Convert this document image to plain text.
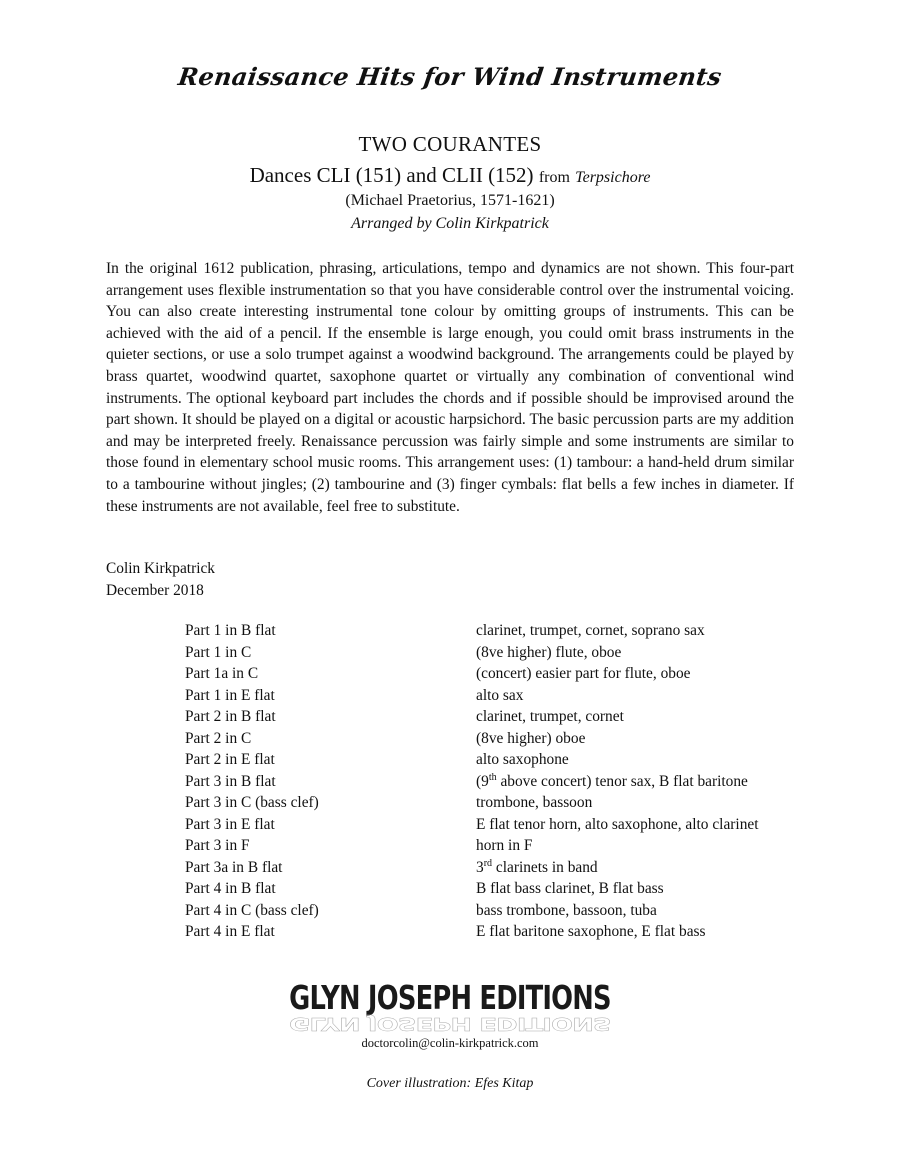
Renaissance Hits for Wind Instruments
TWO COURANTES
Dances CLI (151) and CLII (152) from Terpsichore
(Michael Praetorius, 1571-1621)
Arranged by Colin Kirkpatrick

In the original 1612 publication, phrasing, articulations, tempo and dynamics are not shown. This four-part arrangement uses flexible instrumentation so that you have considerable control over the instrumental voicing. You can also create interesting instrumental tone colour by omitting groups of instruments. This can be achieved with the aid of a pencil. If the ensemble is large enough, you could omit brass instruments in the quieter sections, or use a solo trumpet against a woodwind background. The arrangements could be played by brass quartet, woodwind quartet, saxophone quartet or virtually any combination of conventional wind instruments. The optional keyboard part includes the chords and if possible should be improvised around the part shown. It should be played on a digital or acoustic harpsichord. The basic percussion parts are my addition and may be interpreted freely. Renaissance percussion was fairly simple and some instruments are similar to those found in elementary school music rooms. This arrangement uses: (1) tambour: a hand-held drum similar to a tambourine without jingles; (2) tambourine and (3) finger cymbals: flat bells a few inches in diameter. If these instruments are not available, feel free to substitute.

Colin Kirkpatrick
December 2018
Part 1 in B flat	clarinet, trumpet, cornet, soprano sax
Part 1 in C	(8ve higher) flute, oboe
Part 1a in C	(concert) easier part for flute, oboe
Part 1 in E flat	alto sax
Part 2 in B flat	clarinet, trumpet, cornet
Part 2 in C	(8ve higher) oboe
Part 2 in E flat	alto saxophone
Part 3 in B flat	(9th above concert) tenor sax, B flat baritone
Part 3 in C (bass clef)	trombone, bassoon
Part 3 in E flat	E flat tenor horn, alto saxophone, alto clarinet
Part 3 in F	horn in F
Part 3a in B flat	3rd clarinets in band
Part 4 in B flat	B flat bass clarinet, B flat bass
Part 4 in C (bass clef)	bass trombone, bassoon, tuba
Part 4 in E flat	E flat baritone saxophone, E flat bass
GLYN JOSEPH EDITIONS
GLYN JOSEPH EDITIONS
doctorcolin@colin-kirkpatrick.com
Cover illustration: Efes Kitap
